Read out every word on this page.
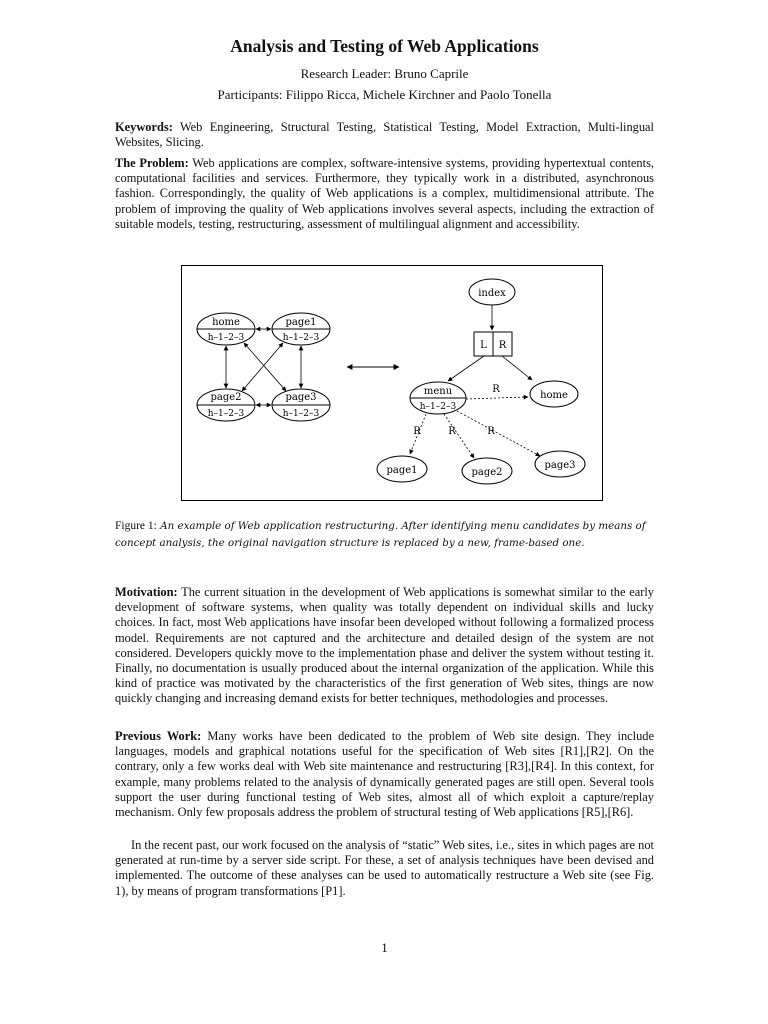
Analysis and Testing of Web Applications
Research Leader: Bruno Caprile
Participants: Filippo Ricca, Michele Kirchner and Paolo Tonella

Keywords: Web Engineering, Structural Testing, Statistical Testing, Model Extraction, Multi-lingual Websites, Slicing.

The Problem: Web applications are complex, software-intensive systems, providing hypertextual contents, computational facilities and services. Furthermore, they typically work in a distributed, asynchronous fashion. Correspondingly, the quality of Web applications is a complex, multidimensional attribute. The problem of improving the quality of Web applications involves several aspects, including the extraction of suitable models, testing, restructuring, assessment of multilingual alignment and accessibility.

home
h–1–2–3
page1
h–1–2–3
page2
h–1–2–3
page3
h–1–2–3
index
L R
menu
h–1–2–3
home
R
R	R	R
page1	page2
page3

Figure 1: An example of Web application restructuring. After identifying menu candidates by means of concept analysis, the original navigation structure is replaced by a new, frame-based one.

Motivation: The current situation in the development of Web applications is somewhat similar to the early development of software systems, when quality was totally dependent on individual skills and lucky choices. In fact, most Web applications have insofar been developed without following a formalized process model. Requirements are not captured and the architecture and detailed design of the system are not considered. Developers quickly move to the implementation phase and deliver the system without testing it. Finally, no documentation is usually produced about the internal organization of the application. While this kind of practice was motivated by the characteristics of the first generation of Web sites, things are now quickly changing and increasing demand exists for better techniques, methodologies and processes.

Previous Work: Many works have been dedicated to the problem of Web site design. They include languages, models and graphical notations useful for the specification of Web sites [R1],[R2]. On the contrary, only a few works deal with Web site maintenance and restructuring [R3],[R4]. In this context, for example, many problems related to the analysis of dynamically generated pages are still open. Several tools support the user during functional testing of Web sites, almost all of which exploit a capture/replay mechanism. Only few proposals address the problem of structural testing of Web applications [R5],[R6].

In the recent past, our work focused on the analysis of “static” Web sites, i.e., sites in which pages are not generated at run-time by a server side script. For these, a set of analysis techniques have been devised and implemented. The outcome of these analyses can be used to automatically restructure a Web site (see Fig. 1), by means of program transformations [P1].

1
